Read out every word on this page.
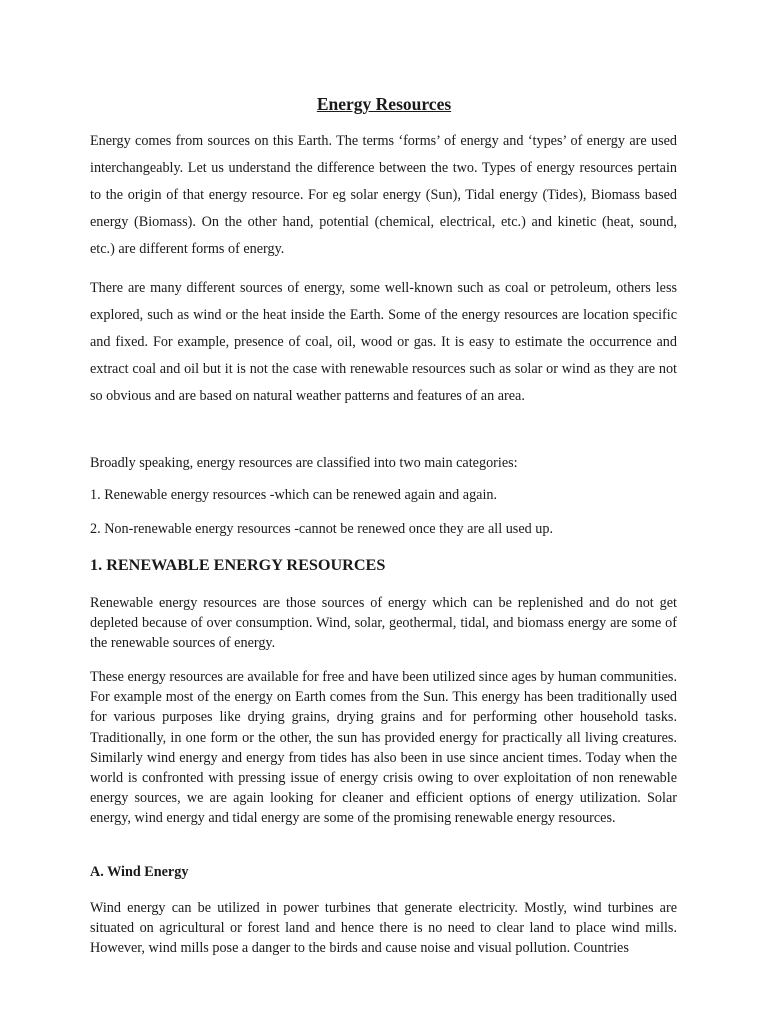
Energy Resources

Energy comes from sources on this Earth. The terms ‘forms’ of energy and ‘types’ of energy are used interchangeably. Let us understand the difference between the two. Types of energy resources pertain to the origin of that energy resource. For eg solar energy (Sun), Tidal energy (Tides), Biomass based energy (Biomass). On the other hand, potential (chemical, electrical, etc.) and kinetic (heat, sound, etc.) are different forms of energy.

There are many different sources of energy, some well-known such as coal or petroleum, others less explored, such as wind or the heat inside the Earth. Some of the energy resources are location specific and fixed. For example, presence of coal, oil, wood or gas. It is easy to estimate the occurrence and extract coal and oil but it is not the case with renewable resources such as solar or wind as they are not so obvious and are based on natural weather patterns and features of an area.

Broadly speaking, energy resources are classified into two main categories:

1. Renewable energy resources -which can be renewed again and again.

2. Non-renewable energy resources -cannot be renewed once they are all used up.

1. RENEWABLE ENERGY RESOURCES

Renewable energy resources are those sources of energy which can be replenished and do not get depleted because of over consumption. Wind, solar, geothermal, tidal, and biomass energy are some of the renewable sources of energy.

These energy resources are available for free and have been utilized since ages by human communities. For example most of the energy on Earth comes from the Sun. This energy has been traditionally used for various purposes like drying grains, drying grains and for performing other household tasks. Traditionally, in one form or the other, the sun has provided energy for practically all living creatures. Similarly wind energy and energy from tides has also been in use since ancient times. Today when the world is confronted with pressing issue of energy crisis owing to over exploitation of non renewable energy sources, we are again looking for cleaner and efficient options of energy utilization. Solar energy, wind energy and tidal energy are some of the promising renewable energy resources.

A. Wind Energy

Wind energy can be utilized in power turbines that generate electricity. Mostly, wind turbines are situated on agricultural or forest land and hence there is no need to clear land to place wind mills. However, wind mills pose a danger to the birds and cause noise and visual pollution. Countries
